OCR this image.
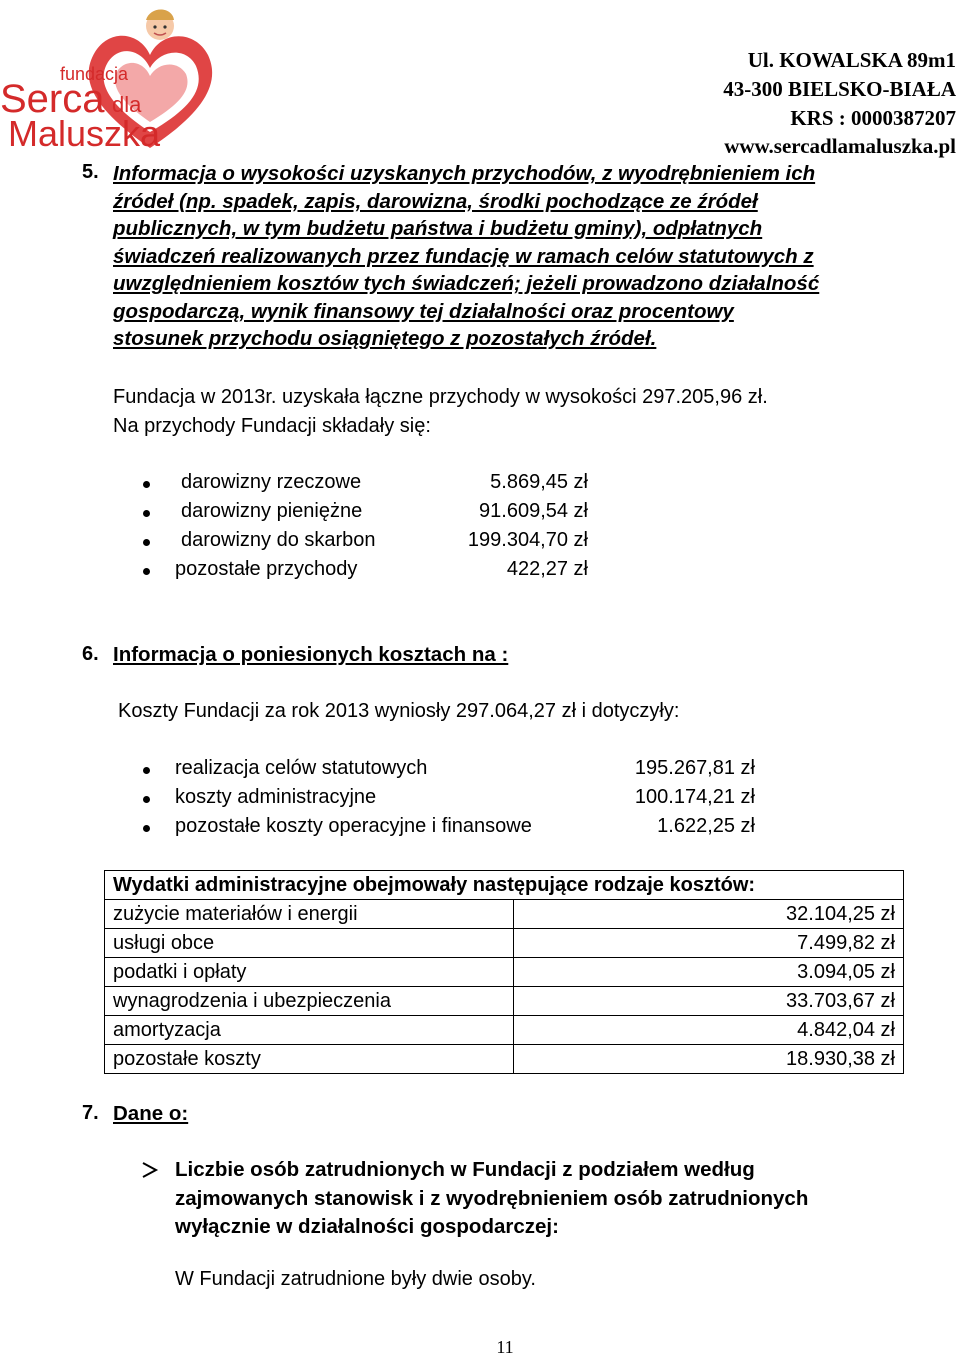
fundacja
Serca dla
Maluszka
Ul. KOWALSKA 89m1
43-300 BIELSKO-BIAŁA
KRS : 0000387207
www.sercadlamaluszka.pl
5. Informacja o wysokości uzyskanych przychodów, z wyodrębnieniem ich
źródeł (np. spadek, zapis, darowizna, środki pochodzące ze źródeł
publicznych, w tym budżetu państwa i budżetu gminy), odpłatnych
świadczeń realizowanych przez fundację w ramach celów statutowych z
uwzględnieniem kosztów tych świadczeń; jeżeli prowadzono działalność
gospodarczą, wynik finansowy tej działalności oraz procentowy
stosunek przychodu osiągniętego z pozostałych źródeł.
Fundacja w 2013r. uzyskała łączne przychody w wysokości 297.205,96 zł.
Na przychody Fundacji składały się:
darowizny rzeczowe	5.869,45 zł
darowizny pieniężne	91.609,54 zł
darowizny do skarbon	199.304,70 zł
pozostałe przychody	422,27 zł
6. Informacja o poniesionych kosztach na :
Koszty Fundacji za rok 2013 wyniosły 297.064,27 zł i dotyczyły:
realizacja celów statutowych	195.267,81 zł
koszty administracyjne	100.174,21 zł
pozostałe koszty operacyjne i finansowe	1.622,25 zł
Wydatki administracyjne obejmowały następujące rodzaje kosztów:	
zużycie materiałów i energii	32.104,25 zł
usługi obce	7.499,82 zł
podatki i opłaty	3.094,05 zł
wynagrodzenia i ubezpieczenia	33.703,67 zł
amortyzacja	4.842,04 zł
pozostałe koszty	18.930,38 zł
7. Dane o:
Liczbie osób zatrudnionych w Fundacji z podziałem według
zajmowanych stanowisk i z wyodrębnieniem osób zatrudnionych
wyłącznie w działalności gospodarczej:
W Fundacji zatrudnione były dwie osoby.
11
